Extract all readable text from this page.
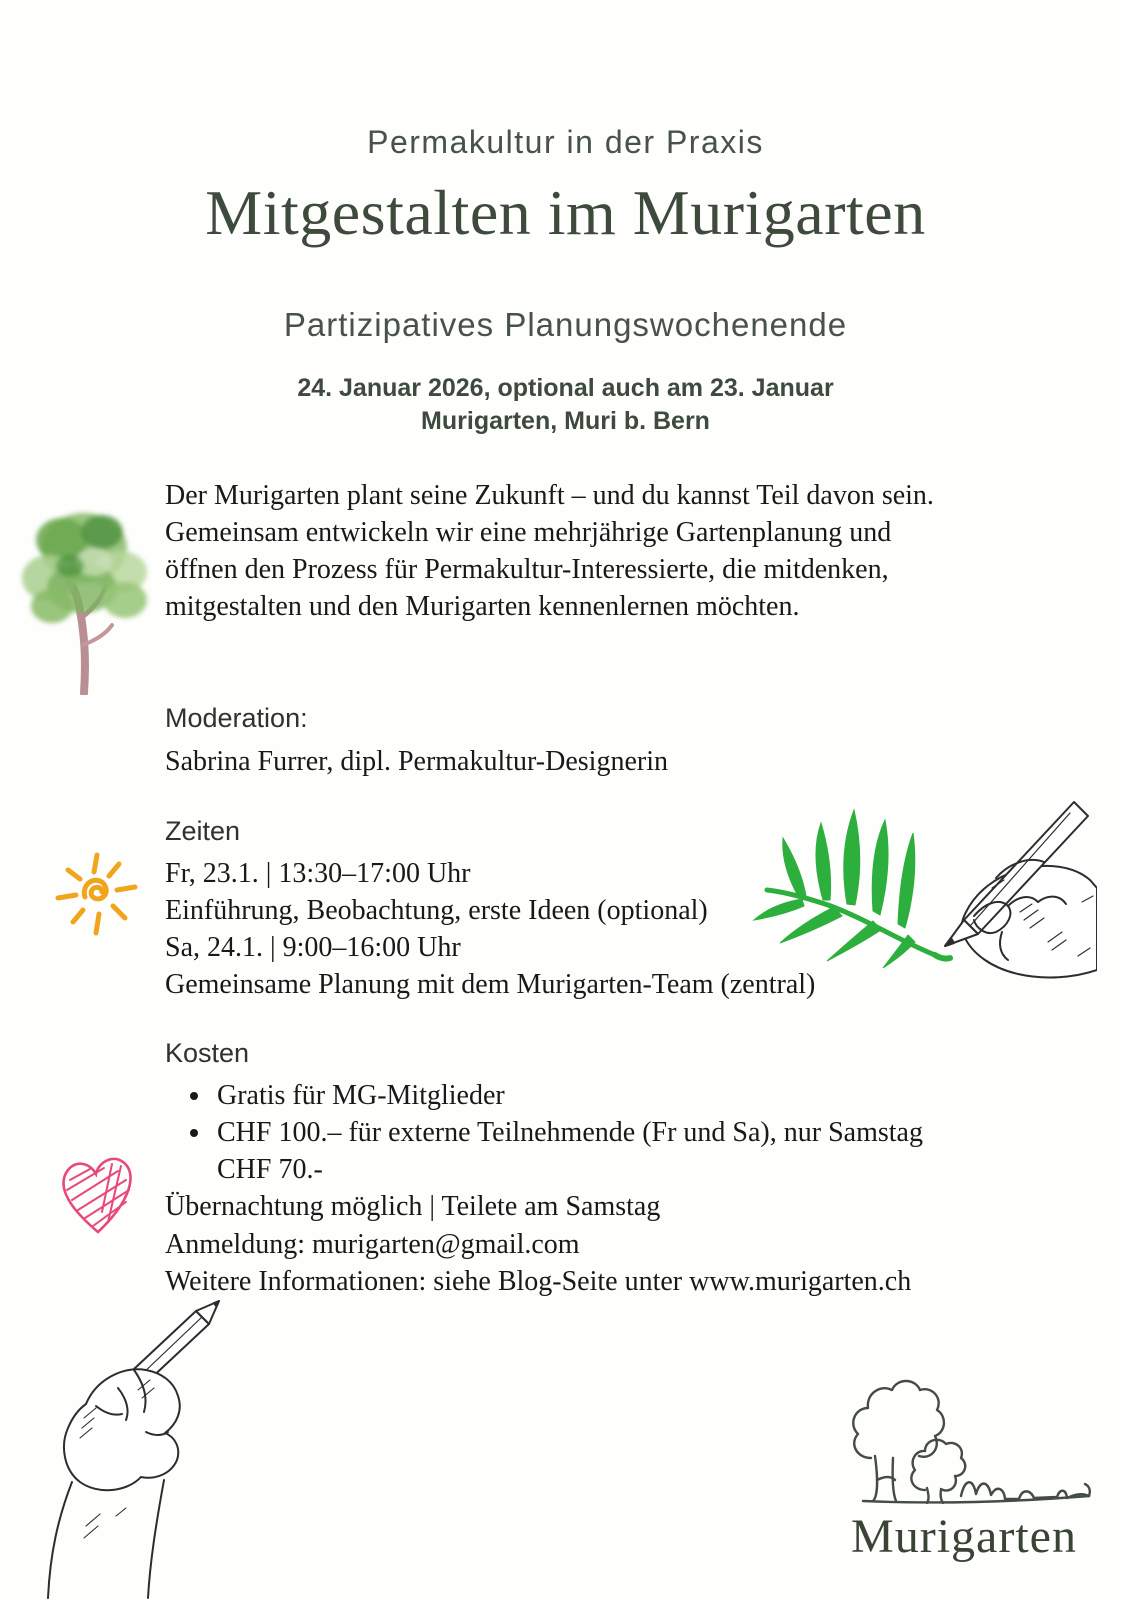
Permakultur in der Praxis
Mitgestalten im Murigarten
Partizipatives Planungswochenende
24. Januar 2026, optional auch am 23. Januar
Murigarten, Muri b. Bern

Der Murigarten plant seine Zukunft – und du kannst Teil davon sein. Gemeinsam entwickeln wir eine mehrjährige Gartenplanung und öffnen den Prozess für Permakultur-Interessierte, die mitdenken, mitgestalten und den Murigarten kennenlernen möchten.

Moderation:
Sabrina Furrer, dipl. Permakultur-Designerin
Zeiten
Fr, 23.1. | 13:30–17:00 Uhr
Einführung, Beobachtung, erste Ideen (optional)
Sa, 24.1. | 9:00–16:00 Uhr
Gemeinsame Planung mit dem Murigarten-Team (zentral)
Kosten
• Gratis für MG-Mitglieder
• CHF 100.– für externe Teilnehmende (Fr und Sa), nur Samstag CHF 70.-
Übernachtung möglich | Teilete am Samstag
Anmeldung: murigarten@gmail.com
Weitere Informationen: siehe Blog-Seite unter www.murigarten.ch
Murigarten
